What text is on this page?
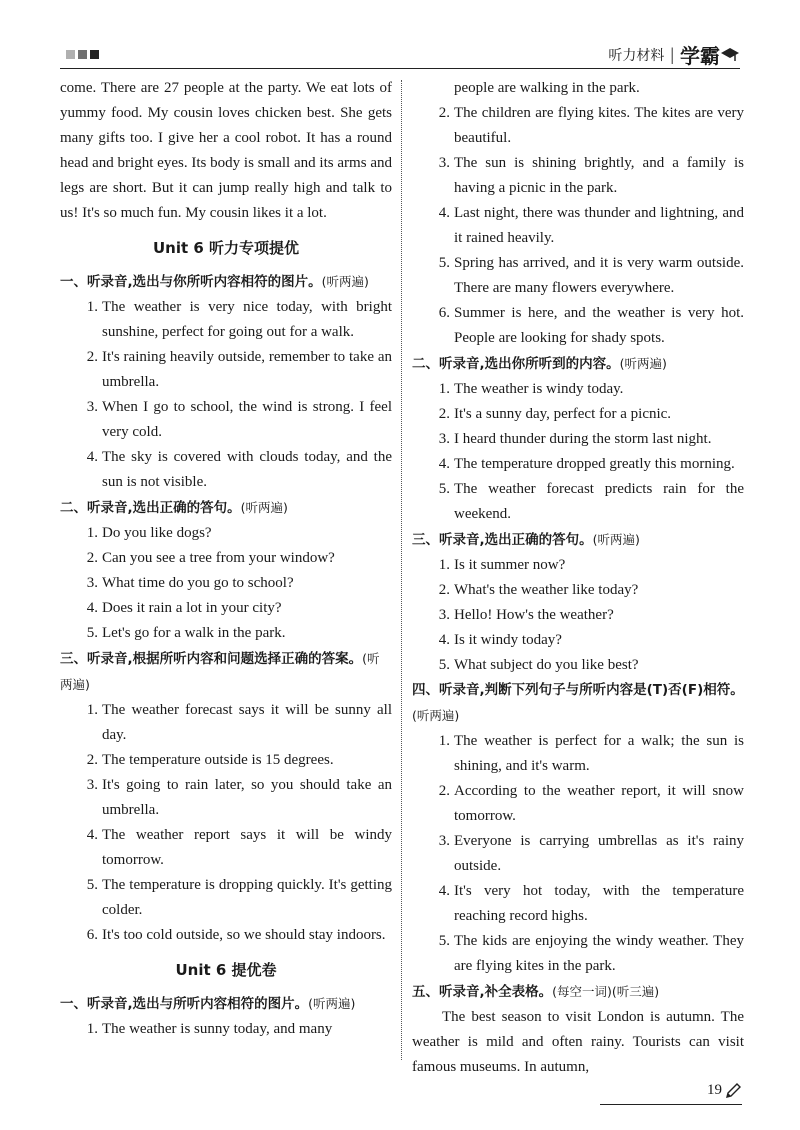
听力材料 | 学霸

come. There are 27 people at the party. We eat lots of yummy food. My cousin loves chicken best. She gets many gifts too. I give her a cool robot. It has a round head and bright eyes. Its body is small and its arms and legs are short. But it can jump really high and talk to us! It's so much fun. My cousin likes it a lot.

Unit 6 听力专项提优
一、听录音,选出与你所听内容相符的图片。(听两遍)
1. The weather is very nice today, with bright sunshine, perfect for going out for a walk.
2. It's raining heavily outside, remember to take an umbrella.
3. When I go to school, the wind is strong. I feel very cold.
4. The sky is covered with clouds today, and the sun is not visible.
二、听录音,选出正确的答句。(听两遍)
1. Do you like dogs?
2. Can you see a tree from your window?
3. What time do you go to school?
4. Does it rain a lot in your city?
5. Let's go for a walk in the park.
三、听录音,根据所听内容和问题选择正确的答案。(听两遍)
1. The weather forecast says it will be sunny all day.
2. The temperature outside is 15 degrees.
3. It's going to rain later, so you should take an umbrella.
4. The weather report says it will be windy tomorrow.
5. The temperature is dropping quickly. It's getting colder.
6. It's too cold outside, so we should stay indoors.
Unit 6 提优卷
一、听录音,选出与所听内容相符的图片。(听两遍)
1. The weather is sunny today, and many
people are walking in the park.
2. The children are flying kites. The kites are very beautiful.
3. The sun is shining brightly, and a family is having a picnic in the park.
4. Last night, there was thunder and lightning, and it rained heavily.
5. Spring has arrived, and it is very warm outside. There are many flowers everywhere.
6. Summer is here, and the weather is very hot. People are looking for shady spots.
二、听录音,选出你所听到的内容。(听两遍)
1. The weather is windy today.
2. It's a sunny day, perfect for a picnic.
3. I heard thunder during the storm last night.
4. The temperature dropped greatly this morning.
5. The weather forecast predicts rain for the weekend.
三、听录音,选出正确的答句。(听两遍)
1. Is it summer now?
2. What's the weather like today?
3. Hello! How's the weather?
4. Is it windy today?
5. What subject do you like best?
四、听录音,判断下列句子与所听内容是(T)否(F)相符。(听两遍)
1. The weather is perfect for a walk; the sun is shining, and it's warm.
2. According to the weather report, it will snow tomorrow.
3. Everyone is carrying umbrellas as it's rainy outside.
4. It's very hot today, with the temperature reaching record highs.
5. The kids are enjoying the windy weather. They are flying kites in the park.
五、听录音,补全表格。(每空一词)(听三遍)

The best season to visit London is autumn. The weather is mild and often rainy. Tourists can visit famous museums. In autumn,

19
